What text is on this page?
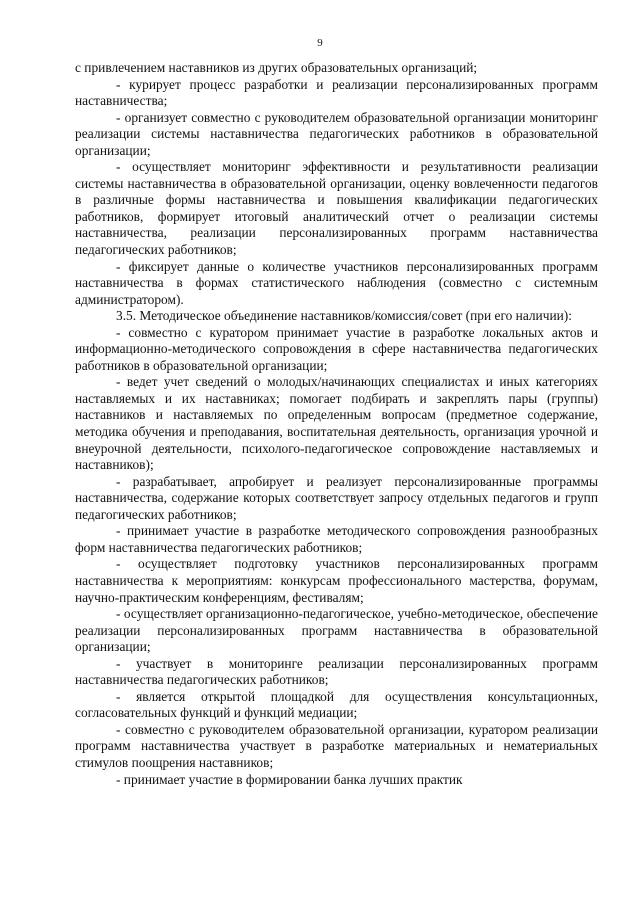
9

с привлечением наставников из других образовательных организаций;

- курирует процесс разработки и реализации персонализированных программ наставничества;

- организует совместно с руководителем образовательной организации мониторинг реализации системы наставничества педагогических работников в образовательной организации;

- осуществляет мониторинг эффективности и результативности реализации системы наставничества в образовательной организации, оценку вовлеченности педагогов в различные формы наставничества и повышения квалификации педагогических работников, формирует итоговый аналитический отчет о реализации системы наставничества, реализации персонализированных программ наставничества педагогических работников;

- фиксирует данные о количестве участников персонализированных программ наставничества в формах статистического наблюдения (совместно с системным администратором).

3.5. Методическое объединение наставников/комиссия/совет (при его наличии):

- совместно с куратором принимает участие в разработке локальных актов и информационно-методического сопровождения в сфере наставничества педагогических работников в образовательной организации;

- ведет учет сведений о молодых/начинающих специалистах и иных категориях наставляемых и их наставниках; помогает подбирать и закреплять пары (группы) наставников и наставляемых по определенным вопросам (предметное содержание, методика обучения и преподавания, воспитательная деятельность, организация урочной и внеурочной деятельности, психолого-педагогическое сопровождение наставляемых и наставников);

- разрабатывает, апробирует и реализует персонализированные программы наставничества, содержание которых соответствует запросу отдельных педагогов и групп педагогических работников;

- принимает участие в разработке методического сопровождения разнообразных форм наставничества педагогических работников;

- осуществляет подготовку участников персонализированных программ наставничества к мероприятиям: конкурсам профессионального мастерства, форумам, научно-практическим конференциям, фестивалям;

- осуществляет организационно-педагогическое, учебно-методическое, обеспечение реализации персонализированных программ наставничества в образовательной организации;

- участвует в мониторинге реализации персонализированных программ наставничества педагогических работников;

- является открытой площадкой для осуществления консультационных, согласовательных функций и функций медиации;

- совместно с руководителем образовательной организации, куратором реализации программ наставничества участвует в разработке материальных и нематериальных стимулов поощрения наставников;

- принимает участие в формировании банка лучших практик
